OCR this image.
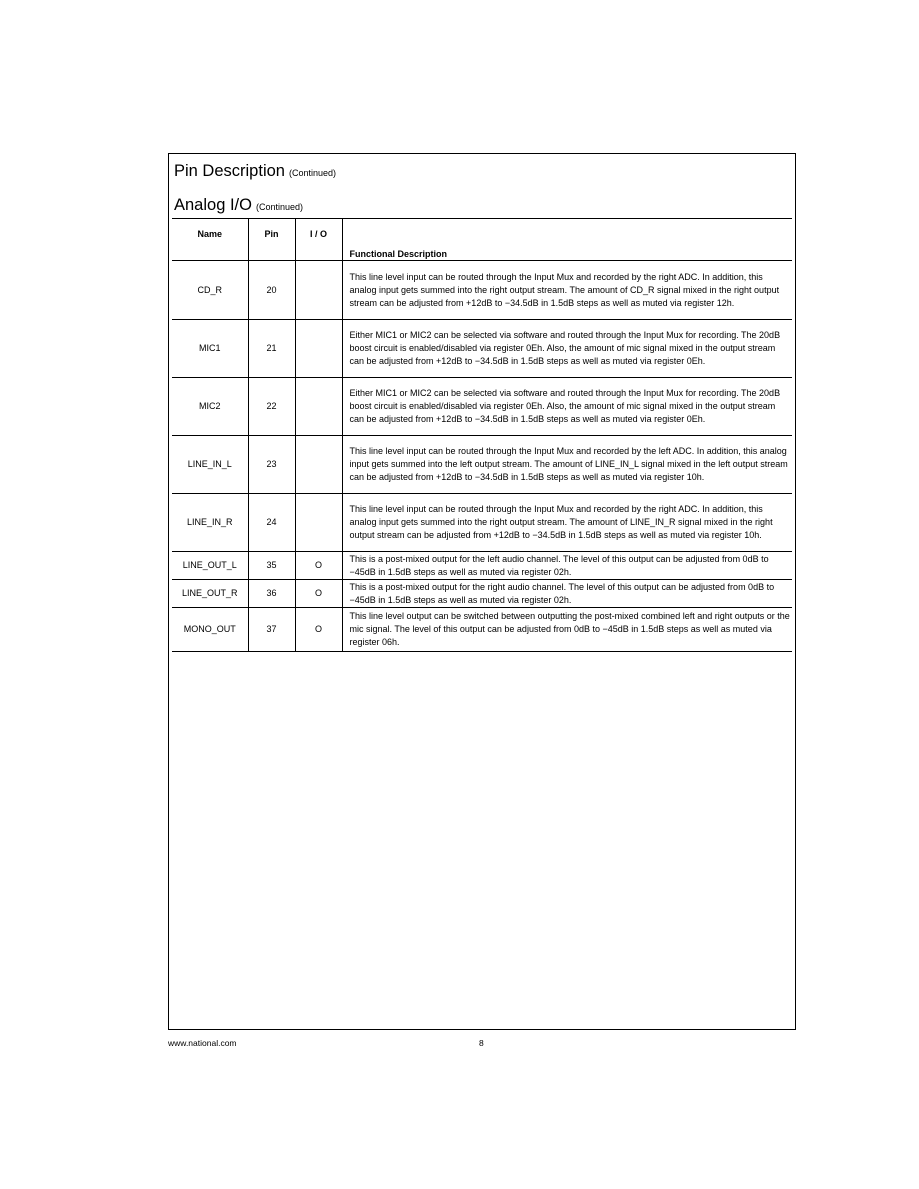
Pin Description (Continued)
Analog I/O (Continued)
Name	Pin	I / O	Functional Description
CD_R	20		This line level input can be routed through the Input Mux and recorded by the right ADC. In addition, this analog input gets summed into the right output stream. The amount of CD_R signal mixed in the right output stream can be adjusted from +12dB to −34.5dB in 1.5dB steps as well as muted via register 12h.
MIC1	21		Either MIC1 or MIC2 can be selected via software and routed through the Input Mux for recording. The 20dB boost circuit is enabled/disabled via register 0Eh. Also, the amount of mic signal mixed in the output stream can be adjusted from +12dB to −34.5dB in 1.5dB steps as well as muted via register 0Eh.
MIC2	22		Either MIC1 or MIC2 can be selected via software and routed through the Input Mux for recording. The 20dB boost circuit is enabled/disabled via register 0Eh. Also, the amount of mic signal mixed in the output stream can be adjusted from +12dB to −34.5dB in 1.5dB steps as well as muted via register 0Eh.
LINE_IN_L	23		This line level input can be routed through the Input Mux and recorded by the left ADC. In addition, this analog input gets summed into the left output stream. The amount of LINE_IN_L signal mixed in the left output stream can be adjusted from +12dB to −34.5dB in 1.5dB steps as well as muted via register 10h.
LINE_IN_R	24		This line level input can be routed through the Input Mux and recorded by the right ADC. In addition, this analog input gets summed into the right output stream. The amount of LINE_IN_R signal mixed in the right output stream can be adjusted from +12dB to −34.5dB in 1.5dB steps as well as muted via register 10h.
LINE_OUT_L	35	O	This is a post-mixed output for the left audio channel. The level of this output can be adjusted from 0dB to −45dB in 1.5dB steps as well as muted via register 02h.
LINE_OUT_R	36	O	This is a post-mixed output for the right audio channel. The level of this output can be adjusted from 0dB to −45dB in 1.5dB steps as well as muted via register 02h.
MONO_OUT	37	O	This line level output can be switched between outputting the post-mixed combined left and right outputs or the mic signal. The level of this output can be adjusted from 0dB to −45dB in 1.5dB steps as well as muted via register 06h.
www.national.com	8
